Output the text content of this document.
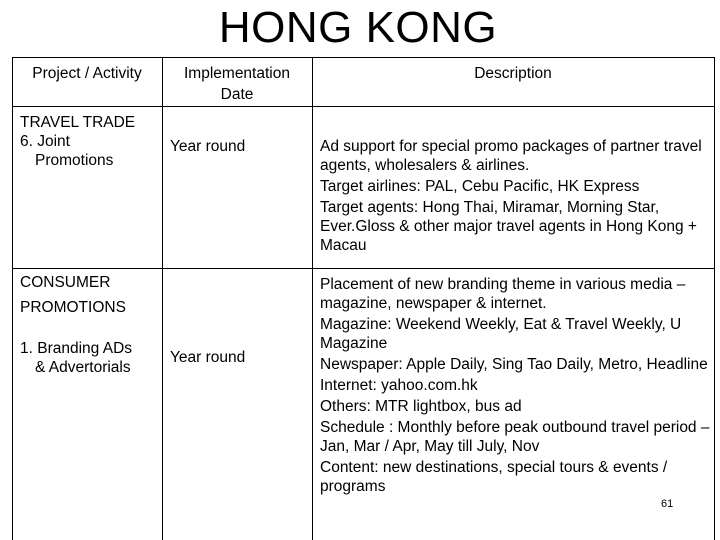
HONG KONG
Project / Activity	Implementation
Date
Description
TRAVEL TRADE
6. Joint
Promotions
Year round	Ad support for special promo packages of partner travel agents, wholesalers & airlines.

Target airlines: PAL, Cebu Pacific, HK Express

Target agents: Hong Thai, Miramar, Morning Star, Ever.Gloss & other major travel agents in Hong Kong + Macau

CONSUMER
PROMOTIONS
1. Branding ADs
& Advertorials
Year round

Placement of new branding theme in various media – magazine, newspaper & internet.

Magazine: Weekend Weekly, Eat & Travel Weekly, U Magazine

Newspaper: Apple Daily, Sing Tao Daily, Metro, Headline

Internet: yahoo.com.hk

Others: MTR lightbox, bus ad

Schedule : Monthly before peak outbound travel period – Jan, Mar / Apr, May till July, Nov

Content: new destinations, special tours & events / programs

61
